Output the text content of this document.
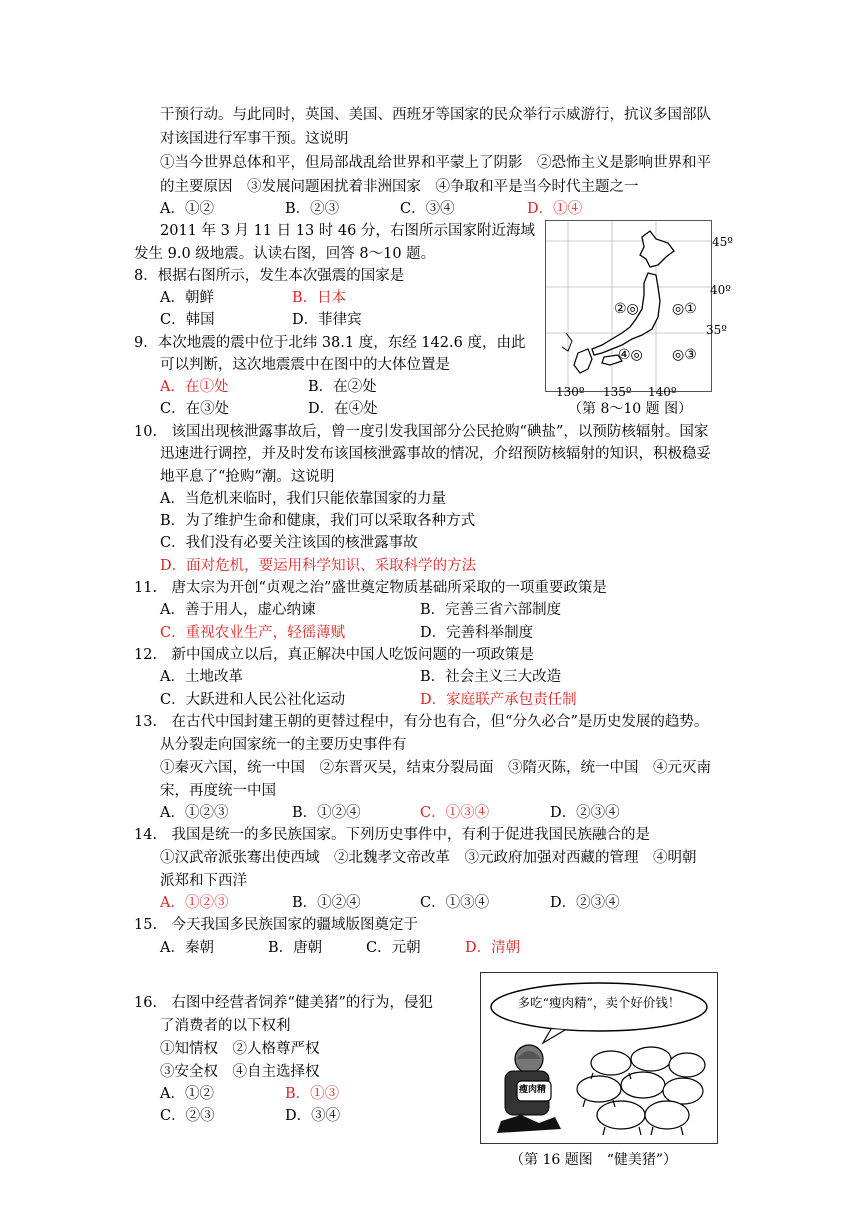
干预行动。与此同时，英国、美国、西班牙等国家的民众举行示威游行，抗议多国部队
对该国进行军事干预。这说明
①当今世界总体和平，但局部战乱给世界和平蒙上了阴影　②恐怖主义是影响世界和平
的主要原因　③发展问题困扰着非洲国家　④争取和平是当今时代主题之一
A．①②	B．②③	C．③④	D．①④
2011 年 3 月 11 日 13 时 46 分，右图所示国家附近海域
发生 9.0 级地震。认读右图，回答 8～10 题。
8．根据右图所示，发生本次强震的国家是
A．朝鲜	B．日本
C．韩国	D．菲律宾
9．本次地震的震中位于北纬 38.1 度，东经 142.6 度，由此
可以判断，这次地震震中在图中的大体位置是
A．在①处	B．在②处
C．在③处	D．在④处
②◎ ◎①
④◎ ◎③
45º
40º
35º
130º 135º 140º
（第 8～10 题 图）
10.　该国出现核泄露事故后，曾一度引发我国部分公民抢购“碘盐”，以预防核辐射。国家
迅速进行调控，并及时发布该国核泄露事故的情况，介绍预防核辐射的知识，积极稳妥
地平息了“抢购”潮。这说明
A．当危机来临时，我们只能依靠国家的力量
B．为了维护生命和健康，我们可以采取各种方式
C．我们没有必要关注该国的核泄露事故
D．面对危机，要运用科学知识、采取科学的方法
11.　唐太宗为开创“贞观之治”盛世奠定物质基础所采取的一项重要政策是
A．善于用人，虚心纳谏	B．完善三省六部制度
C．重视农业生产，轻徭薄赋	D．完善科举制度
12.　新中国成立以后，真正解决中国人吃饭问题的一项政策是
A．土地改革	B．社会主义三大改造
C．大跃进和人民公社化运动	D．家庭联产承包责任制
13.　在古代中国封建王朝的更替过程中，有分也有合，但“分久必合”是历史发展的趋势。
从分裂走向国家统一的主要历史事件有
①秦灭六国，统一中国　②东晋灭吴，结束分裂局面　③隋灭陈，统一中国　④元灭南
宋，再度统一中国
A．①②③	B．①②④	C．①③④	D．②③④
14.　我国是统一的多民族国家。下列历史事件中，有利于促进我国民族融合的是
①汉武帝派张骞出使西域　②北魏孝文帝改革　③元政府加强对西藏的管理　④明朝
派郑和下西洋
A．①②③	B．①②④	C．①③④	D．②③④
15.　今天我国多民族国家的疆域版图奠定于
A．秦朝	B．唐朝	C．元朝	D．清朝
16.　右图中经营者饲养“健美猪”的行为，侵犯
了消费者的以下权利
①知情权　②人格尊严权
③安全权　④自主选择权
A．①②	B．①③
C．②③	D．③④
多吃“瘦肉精”，卖个好价钱！
瘦肉精
（第 16 题图　“健美猪”）
